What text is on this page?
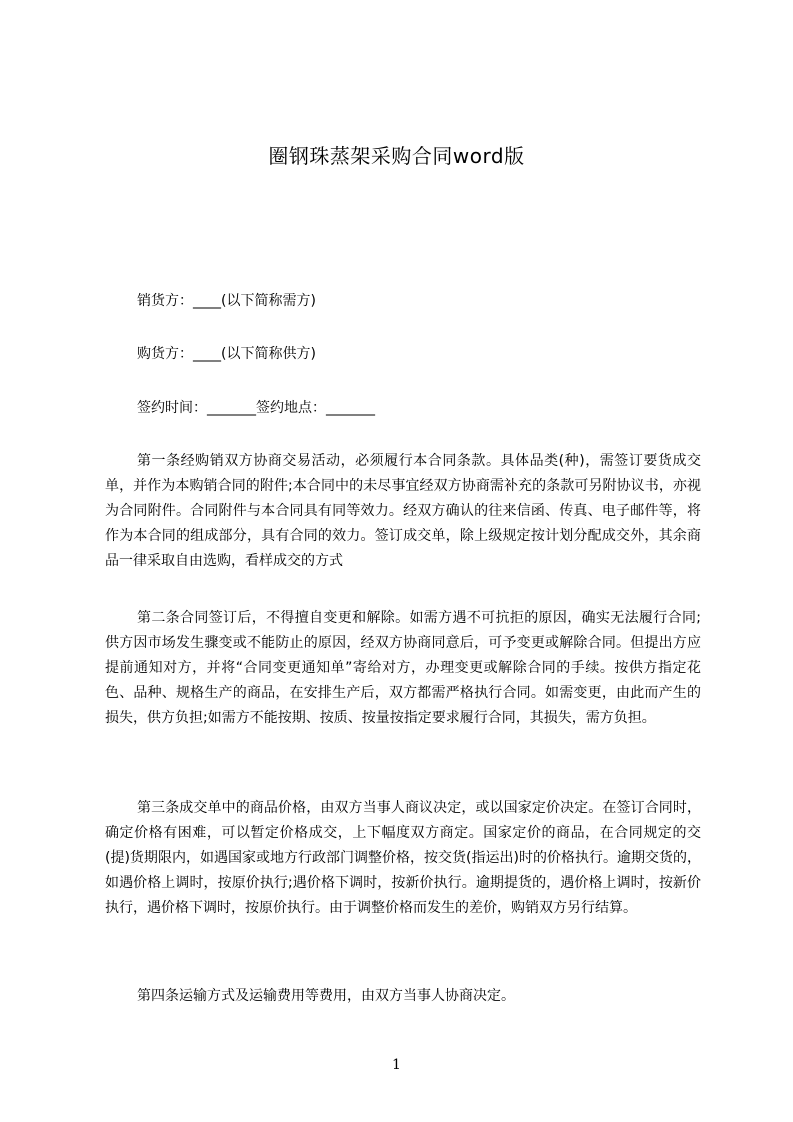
圈钢珠蒸架采购合同word版
销货方：____(以下简称需方)
购货方：____(以下简称供方)
签约时间：_______签约地点：_______
第一条经购销双方协商交易活动，必须履行本合同条款。具体品类(种)，需签订要货成交单，并作为本购销合同的附件;本合同中的未尽事宜经双方协商需补充的条款可另附协议书，亦视为合同附件。合同附件与本合同具有同等效力。经双方确认的往来信函、传真、电子邮件等，将作为本合同的组成部分，具有合同的效力。签订成交单，除上级规定按计划分配成交外，其余商品一律采取自由选购，看样成交的方式
第二条合同签订后，不得擅自变更和解除。如需方遇不可抗拒的原因，确实无法履行合同;供方因市场发生骤变或不能防止的原因，经双方协商同意后，可予变更或解除合同。但提出方应提前通知对方，并将“合同变更通知单”寄给对方，办理变更或解除合同的手续。按供方指定花色、品种、规格生产的商品，在安排生产后，双方都需严格执行合同。如需变更，由此而产生的损失，供方负担;如需方不能按期、按质、按量按指定要求履行合同，其损失，需方负担。
第三条成交单中的商品价格，由双方当事人商议决定，或以国家定价决定。在签订合同时，确定价格有困难，可以暂定价格成交，上下幅度双方商定。国家定价的商品，在合同规定的交(提)货期限内，如遇国家或地方行政部门调整价格，按交货(指运出)时的价格执行。逾期交货的，如遇价格上调时，按原价执行;遇价格下调时，按新价执行。逾期提货的，遇价格上调时，按新价执行，遇价格下调时，按原价执行。由于调整价格而发生的差价，购销双方另行结算。
第四条运输方式及运输费用等费用，由双方当事人协商决定。
1
